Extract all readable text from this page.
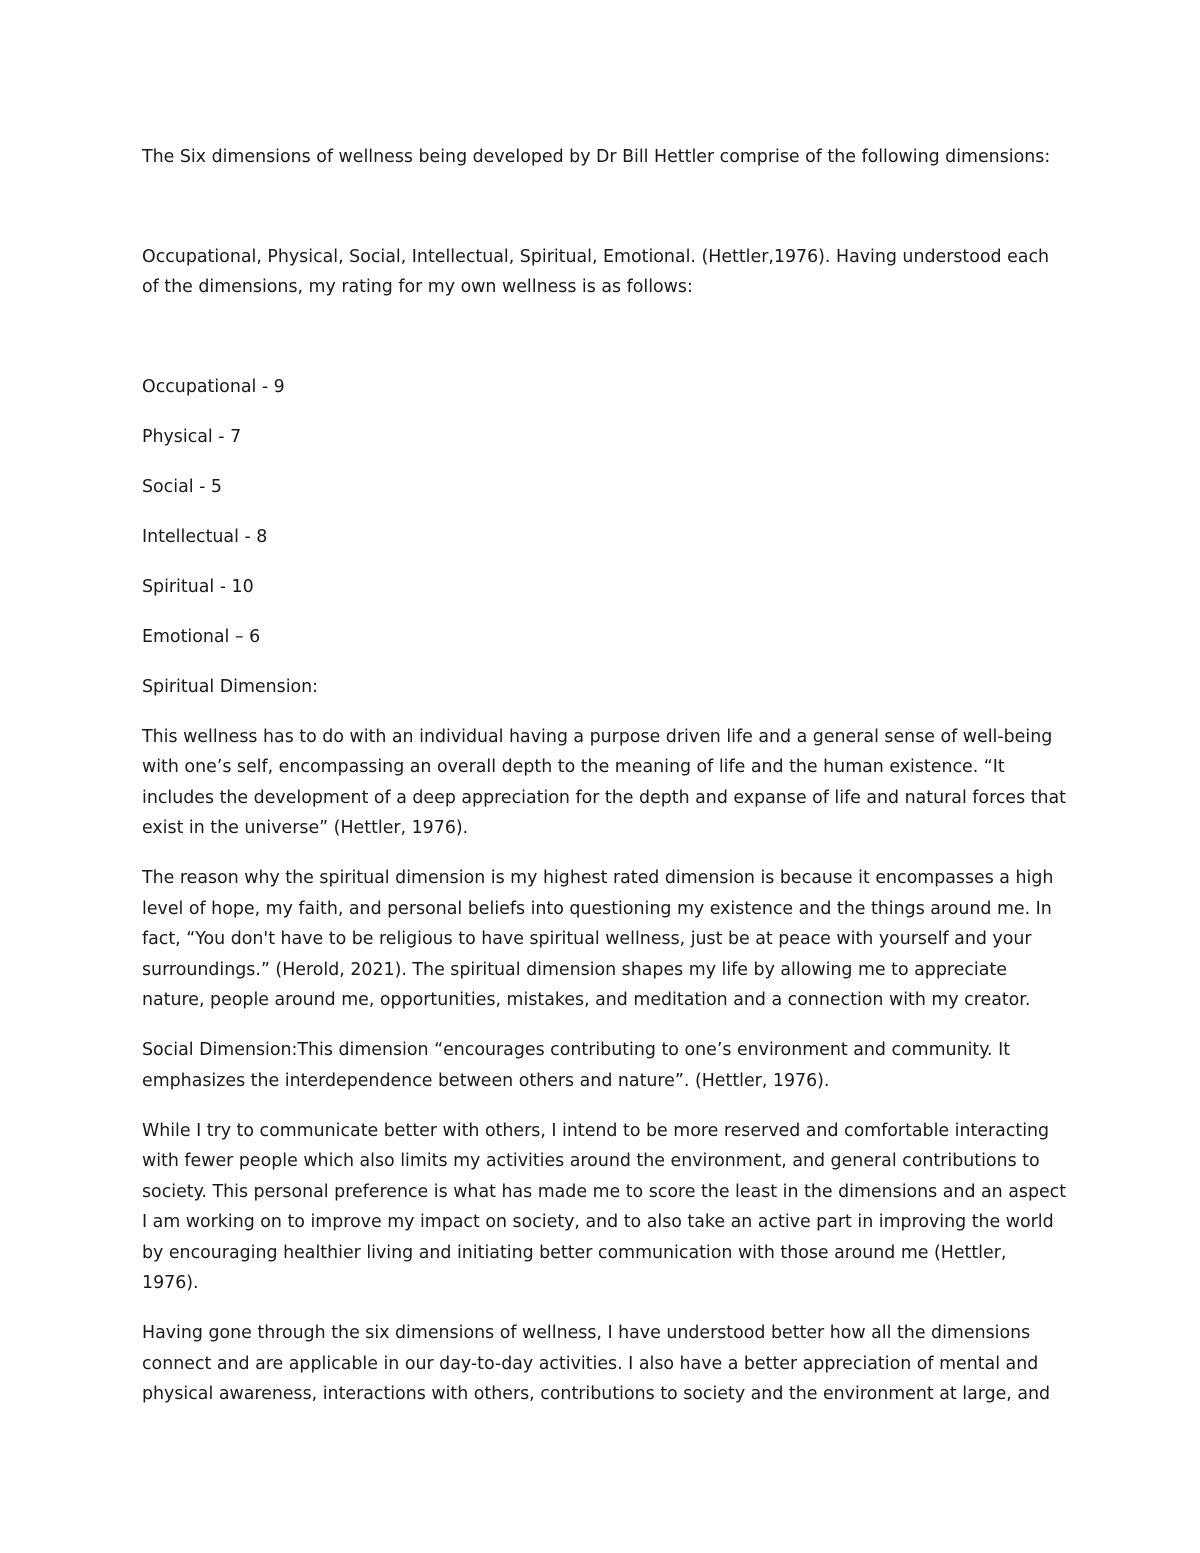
The Six dimensions of wellness being developed by Dr Bill Hettler comprise of the following dimensions:

Occupational, Physical, Social, Intellectual, Spiritual, Emotional. (Hettler,1976). Having understood each of the dimensions, my rating for my own wellness is as follows:

Occupational - 9

Physical - 7

Social - 5

Intellectual - 8

Spiritual - 10

Emotional – 6

Spiritual Dimension:

This wellness has to do with an individual having a purpose driven life and a general sense of well-being with one’s self, encompassing an overall depth to the meaning of life and the human existence. “It includes the development of a deep appreciation for the depth and expanse of life and natural forces that exist in the universe” (Hettler, 1976).

The reason why the spiritual dimension is my highest rated dimension is because it encompasses a high level of hope, my faith, and personal beliefs into questioning my existence and the things around me. In fact, “You don't have to be religious to have spiritual wellness, just be at peace with yourself and your surroundings.” (Herold, 2021). The spiritual dimension shapes my life by allowing me to appreciate nature, people around me, opportunities, mistakes, and meditation and a connection with my creator.

Social Dimension:This dimension “encourages contributing to one’s environment and community. It emphasizes the interdependence between others and nature”. (Hettler, 1976).

While I try to communicate better with others, I intend to be more reserved and comfortable interacting with fewer people which also limits my activities around the environment, and general contributions to society. This personal preference is what has made me to score the least in the dimensions and an aspect I am working on to improve my impact on society, and to also take an active part in improving the world by encouraging healthier living and initiating better communication with those around me (Hettler, 1976).

Having gone through the six dimensions of wellness, I have understood better how all the dimensions connect and are applicable in our day-to-day activities. I also have a better appreciation of mental and physical awareness, interactions with others, contributions to society and the environment at large, and
